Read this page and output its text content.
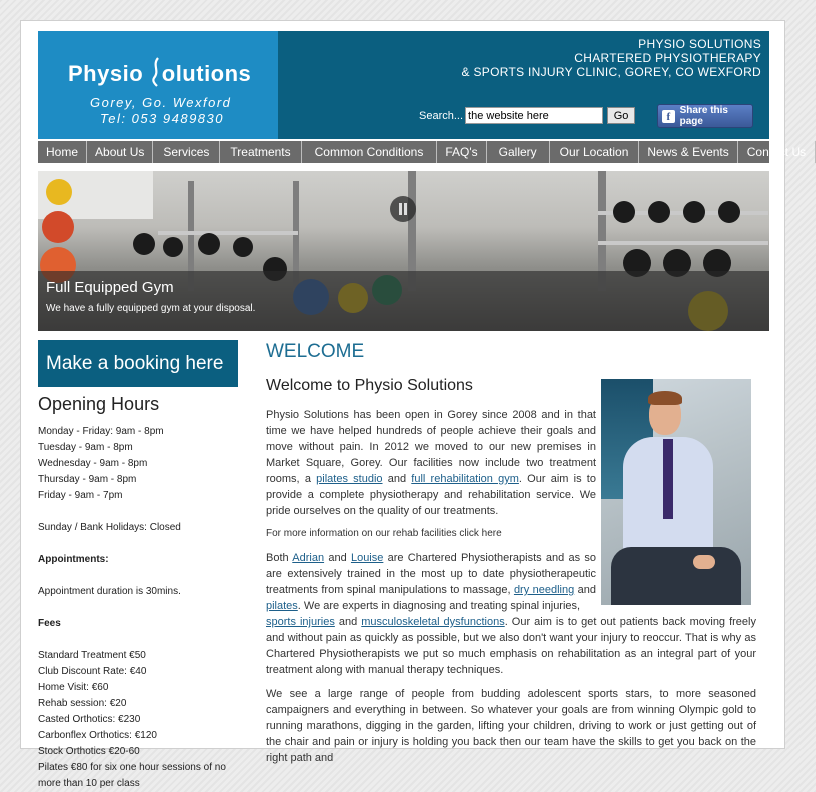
Physio olutions
Gorey, Go. Wexford
Tel: 053 9489830
PHYSIO SOLUTIONS
CHARTERED PHYSIOTHERAPY
& SPORTS INJURY CLINIC, GOREY, CO WEXFORD
Search...
the website here	Go	f Share this page
Home	About Us	Services	Treatments	Common Conditions	FAQ's	Gallery	Our Location	News & Events	Contact Us
Full Equipped Gym
We have a fully equipped gym at your disposal.
Make a booking here
Opening Hours
Monday - Friday: 9am - 8pm
Tuesday - 9am - 8pm
Wednesday - 9am - 8pm
Thursday - 9am - 8pm
Friday - 9am - 7pm
Sunday / Bank Holidays: Closed
Appointments:
Appointment duration is 30mins.
Fees
Standard Treatment €50
Club Discount Rate: €40
Home Visit: €60
Rehab session: €20
Casted Orthotics: €230
Carbonflex Orthotics: €120
Stock Orthotics €20-60
Pilates €80 for six one hour sessions of no
more than 10 per class
WELCOME
Welcome to Physio Solutions
Physio Solutions has been open in Gorey since 2008 and in that time we have helped hundreds of people achieve their goals and move without pain. In 2012 we moved to our new premises in Market Square, Gorey. Our facilities now include two treatment rooms, a pilates studio and full rehabilitation gym. Our aim is to provide a complete physiotherapy and rehabilitation service. We pride ourselves on the quality of our treatments.
For more information on our rehab facilities click here
Both Adrian and Louise are Chartered Physiotherapists and as so are extensively trained in the most up to date physiotherapeutic treatments from spinal manipulations to massage, dry needling and pilates. We are experts in diagnosing and treating spinal injuries,
sports injuries and musculoskeletal dysfunctions. Our aim is to get out patients back moving freely and without pain as quickly as possible, but we also don't want your injury to reoccur. That is why as Chartered Physiotherapists we put so much emphasis on rehabilitation as an integral part of your treatment along with manual therapy techniques.
We see a large range of people from budding adolescent sports stars, to more seasoned campaigners and everything in between. So whatever your goals are from winning Olympic gold to running marathons, digging in the garden, lifting your children, driving to work or just getting out of the chair and pain or injury is holding you back then our team have the skills to get you back on the right path and
